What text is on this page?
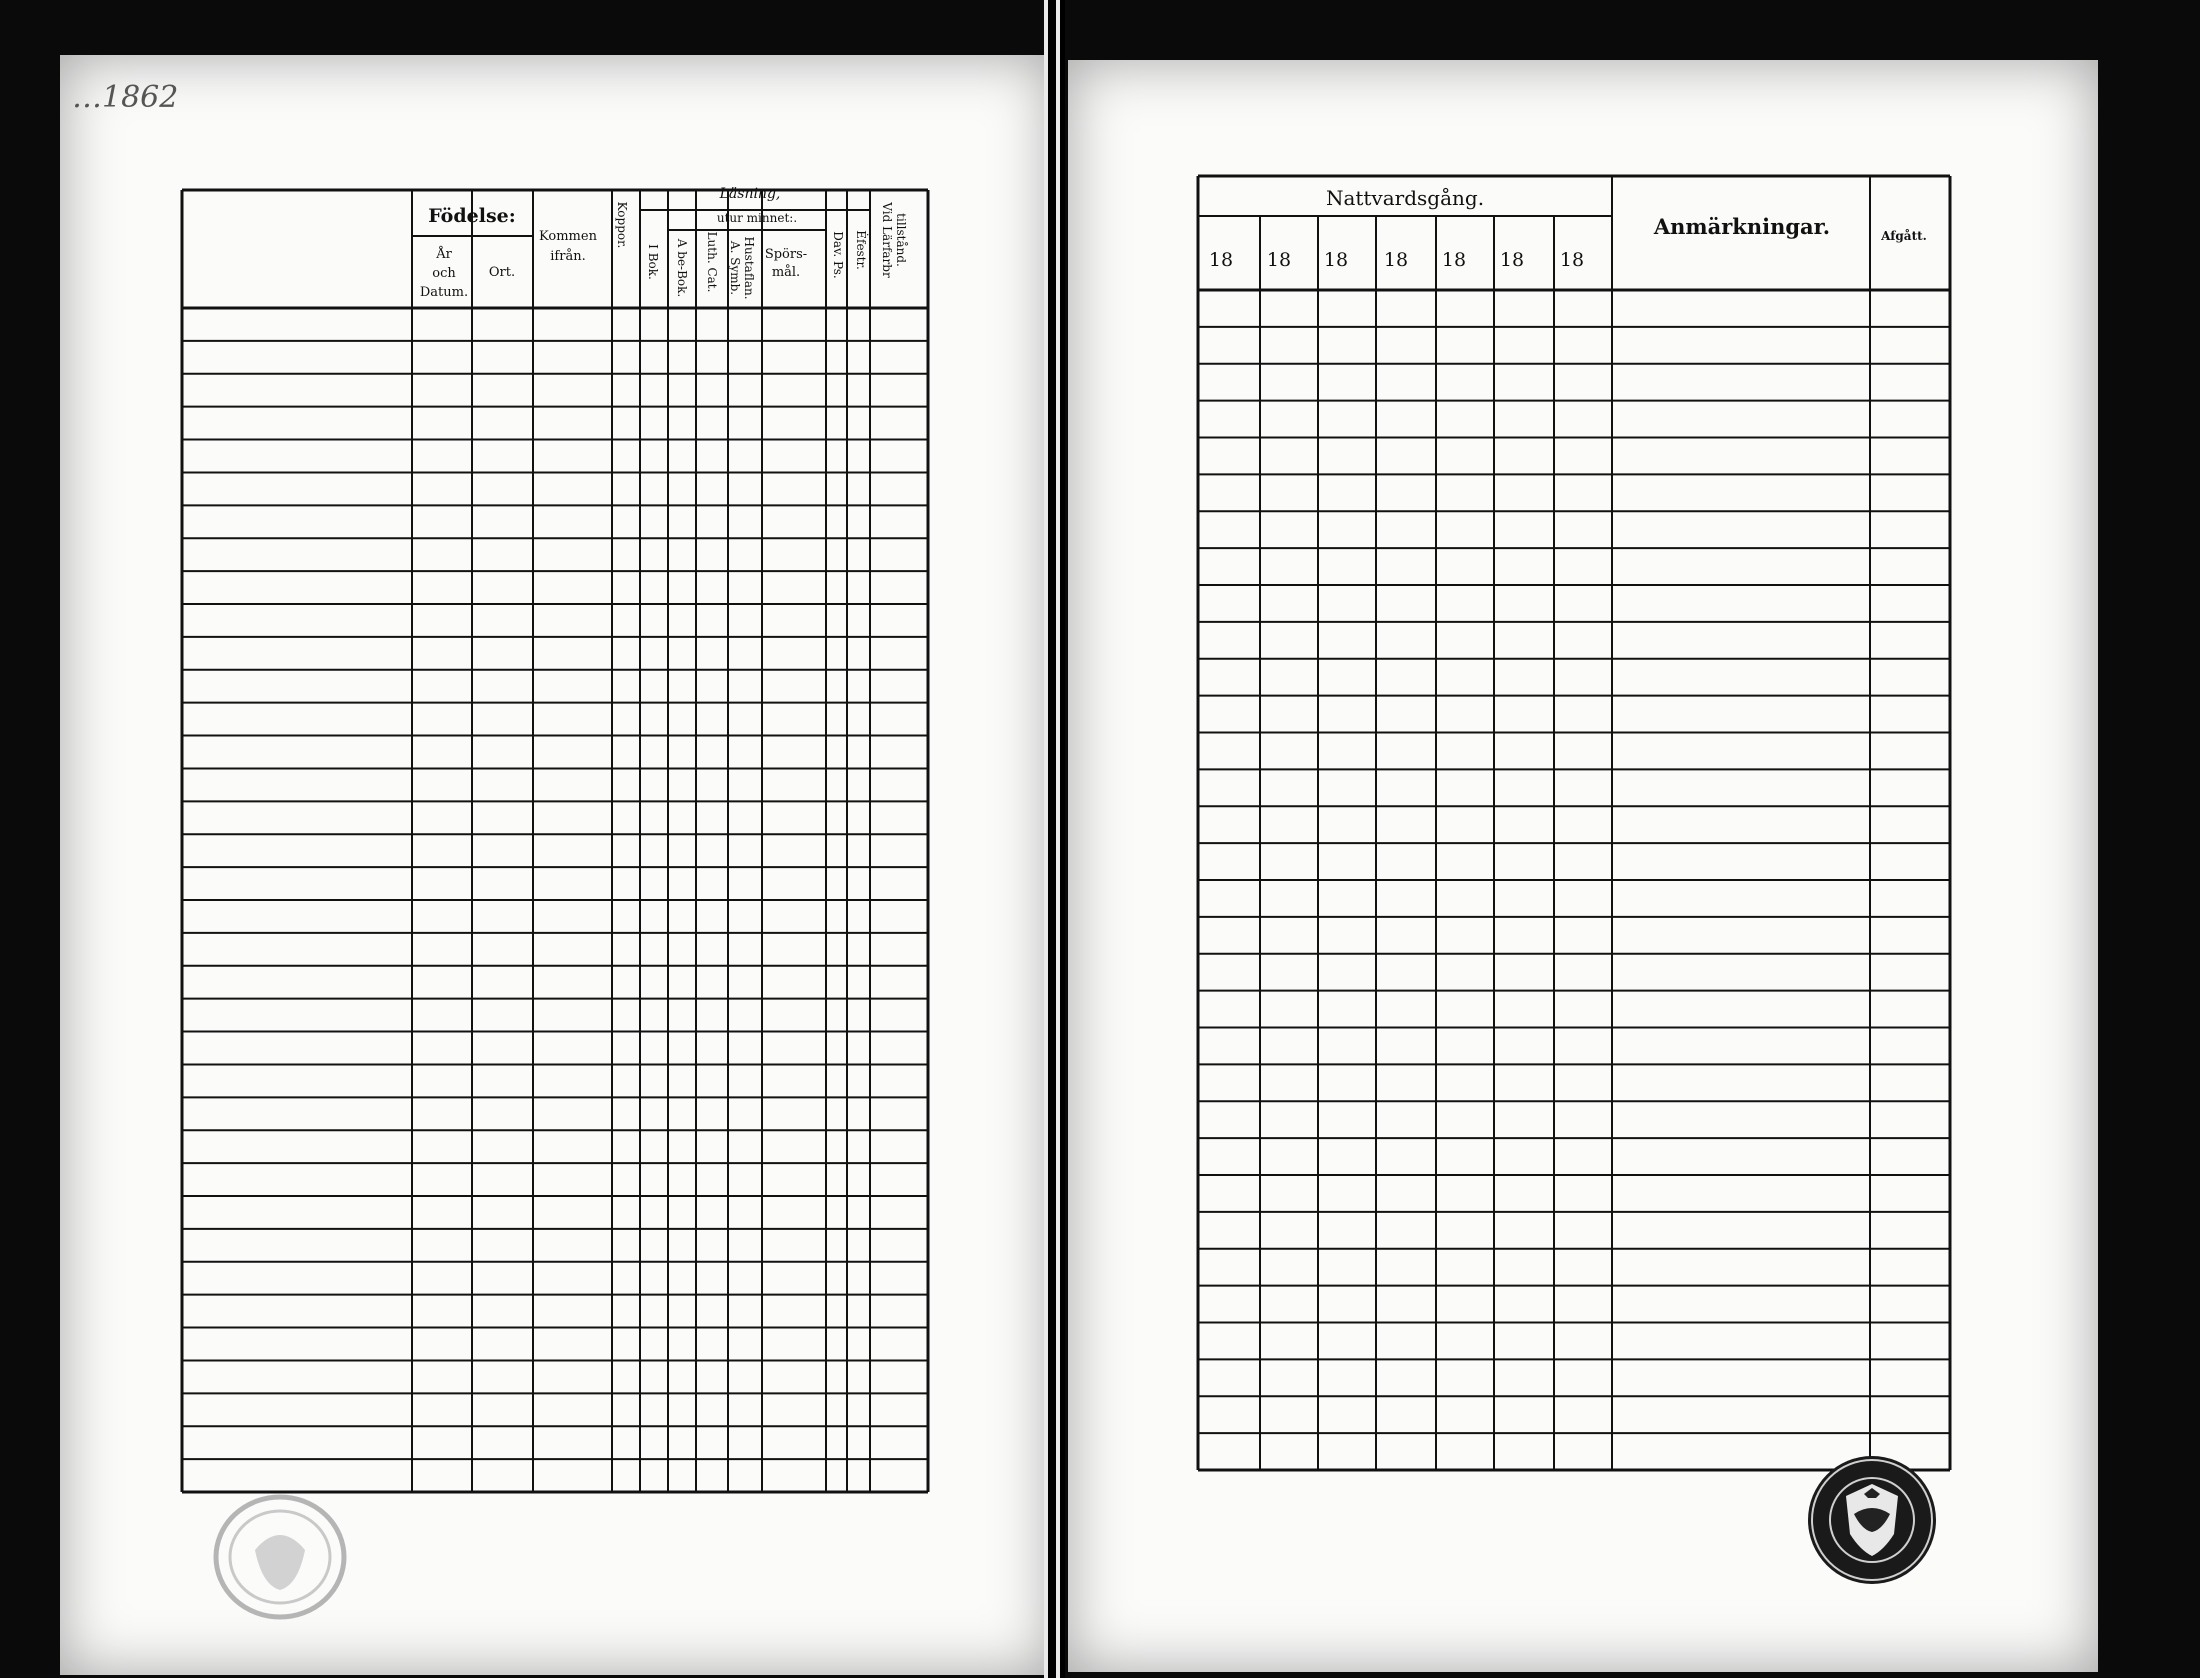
…1862
Födelse:
År
och
Datum.
Ort.
Kommen
ifrån.
Koppor.
Läsning,
utur minnet:.
I Bok. A be-Bok. Luth. Cat. A. Symb. Hustaflan. Spörs-
mål.	Dav. Ps. Ėfestr. Vid Lärfarbr tillstånd.
Nattvardsgång.
18 18 18 18 18 18 18
Anmärkningar.	Afgått.
